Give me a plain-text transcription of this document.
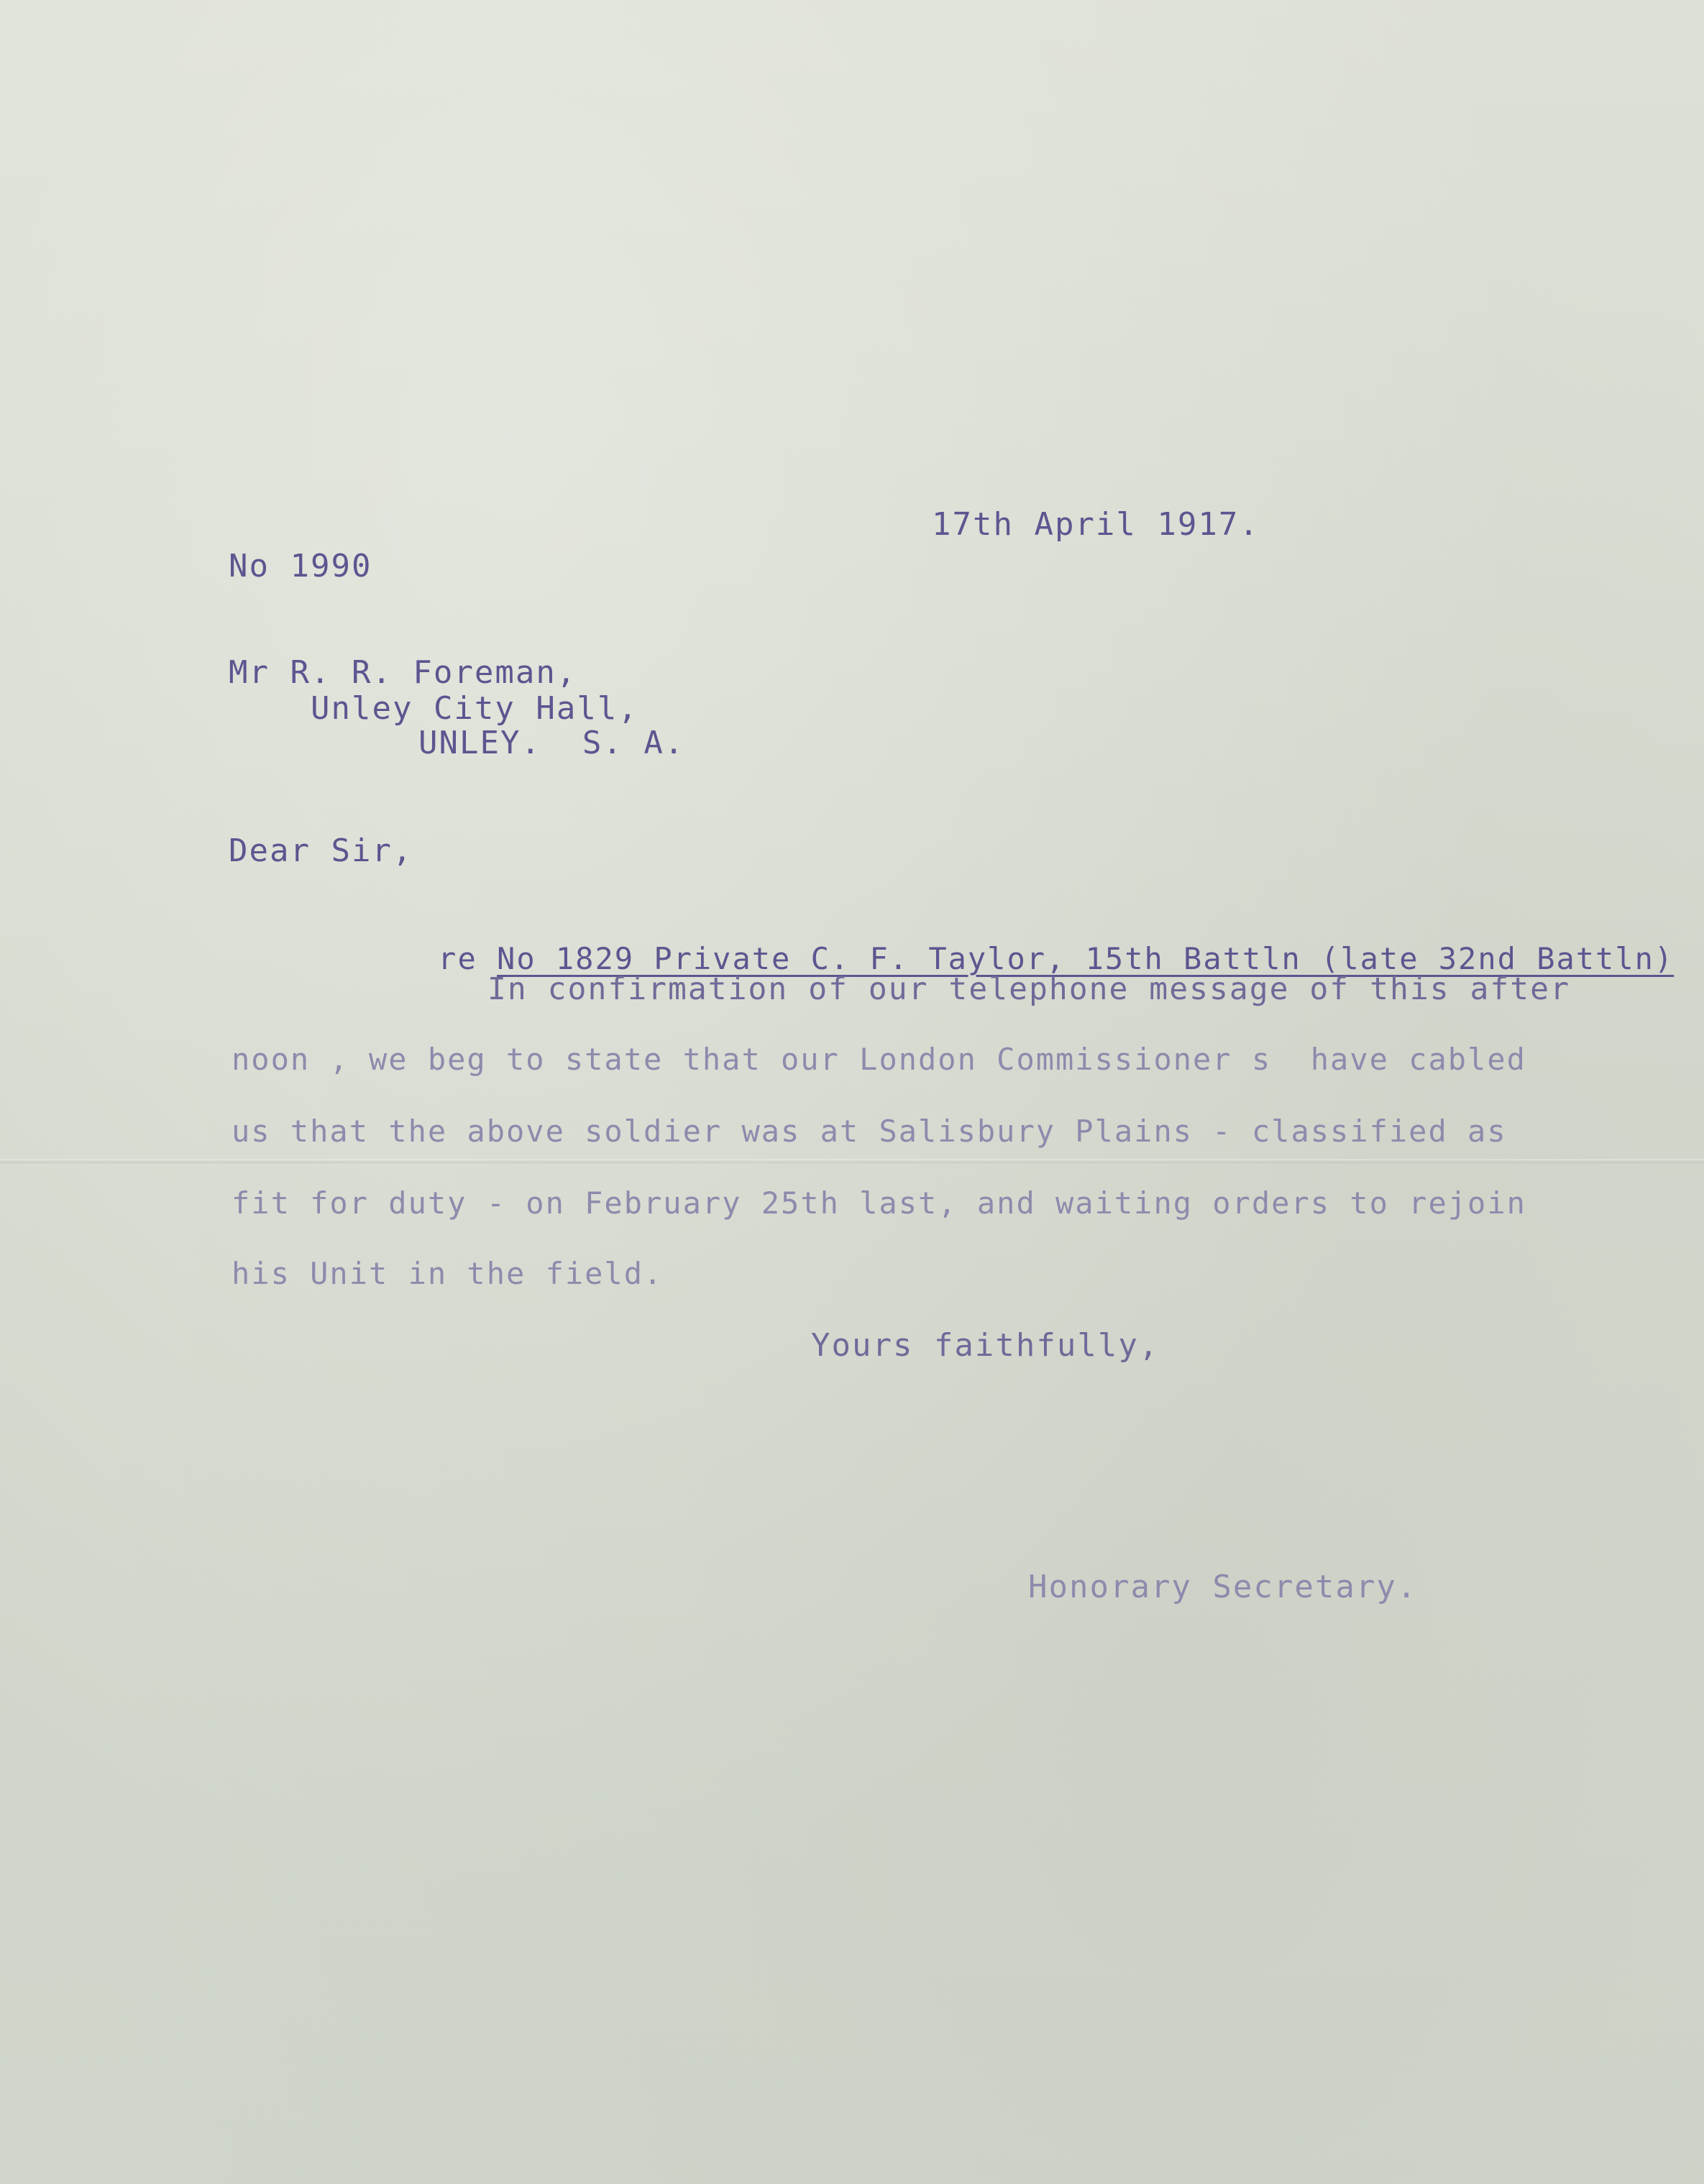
17th April 1917.
No 1990
Mr R. R. Foreman,
Unley City Hall,
UNLEY.  S. A.
Dear Sir,

re No 1829 Private C. F. Taylor, 15th Battln (late 32nd Battln)

In confirmation of our telephone message of this after
noon , we beg to state that our London Commissioner s  have cabled
us that the above soldier was at Salisbury Plains - classified as
fit for duty - on February 25th last, and waiting orders to rejoin
his Unit in the field.
Yours faithfully,
Honorary Secretary.
